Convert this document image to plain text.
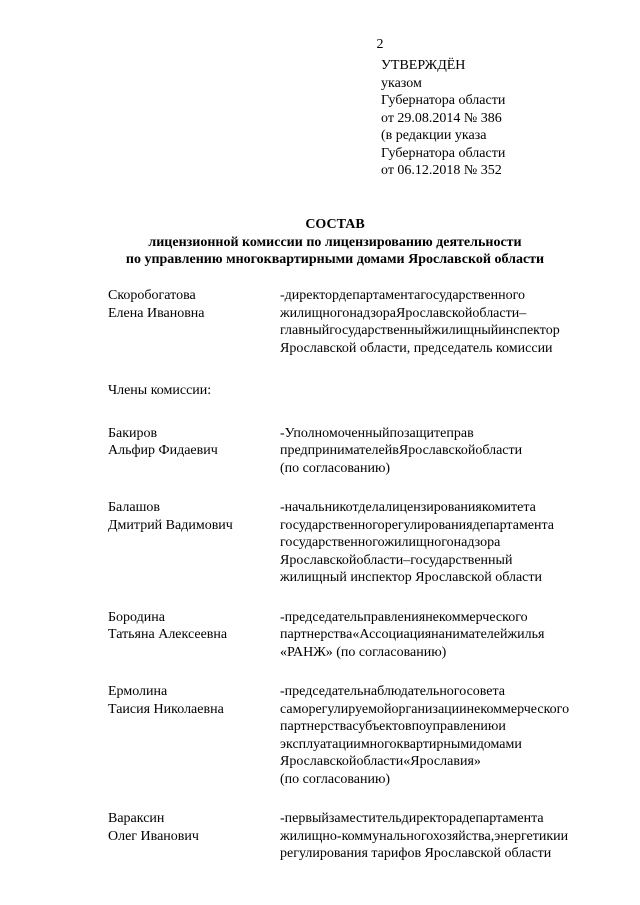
2
УТВЕРЖДЁН
указом
Губернатора области
от 29.08.2014 № 386
(в редакции указа
Губернатора области
от 06.12.2018 № 352
СОСТАВ
лицензионной комиссии по лицензированию деятельности
по управлению многоквартирными домами Ярославской области
Скоробогатова
Елена Ивановна
-директордепартаментагосударственного
жилищногонадзораЯрославскойобласти–
главныйгосударственныйжилищныйинспектор
Ярославской области, председатель комиссии
Члены комиссии:
Бакиров
Альфир Фидаевич
-Уполномоченныйпозащитеправ
предпринимателейвЯрославскойобласти
(по согласованию)
Балашов
Дмитрий Вадимович
-начальникотделалицензированиякомитета
государственногорегулированиядепартамента
государственногожилищногонадзора
Ярославскойобласти–государственный
жилищный инспектор Ярославской области
Бородина
Татьяна Алексеевна
-председательправлениянекоммерческого
партнерства«Ассоциациянанимателейжилья
«РАНЖ» (по согласованию)
Ермолина
Таисия Николаевна
-председательнаблюдательногосовета
саморегулируемойорганизациинекоммерческого
партнерствасубъектовпоуправлениюи
эксплуатациимногоквартирнымидомами
Ярославскойобласти«Ярославия»
(по согласованию)
Вараксин
Олег Иванович
-первыйзаместительдиректорадепартамента
жилищно-коммунальногохозяйства,энергетикии
регулирования тарифов Ярославской области
